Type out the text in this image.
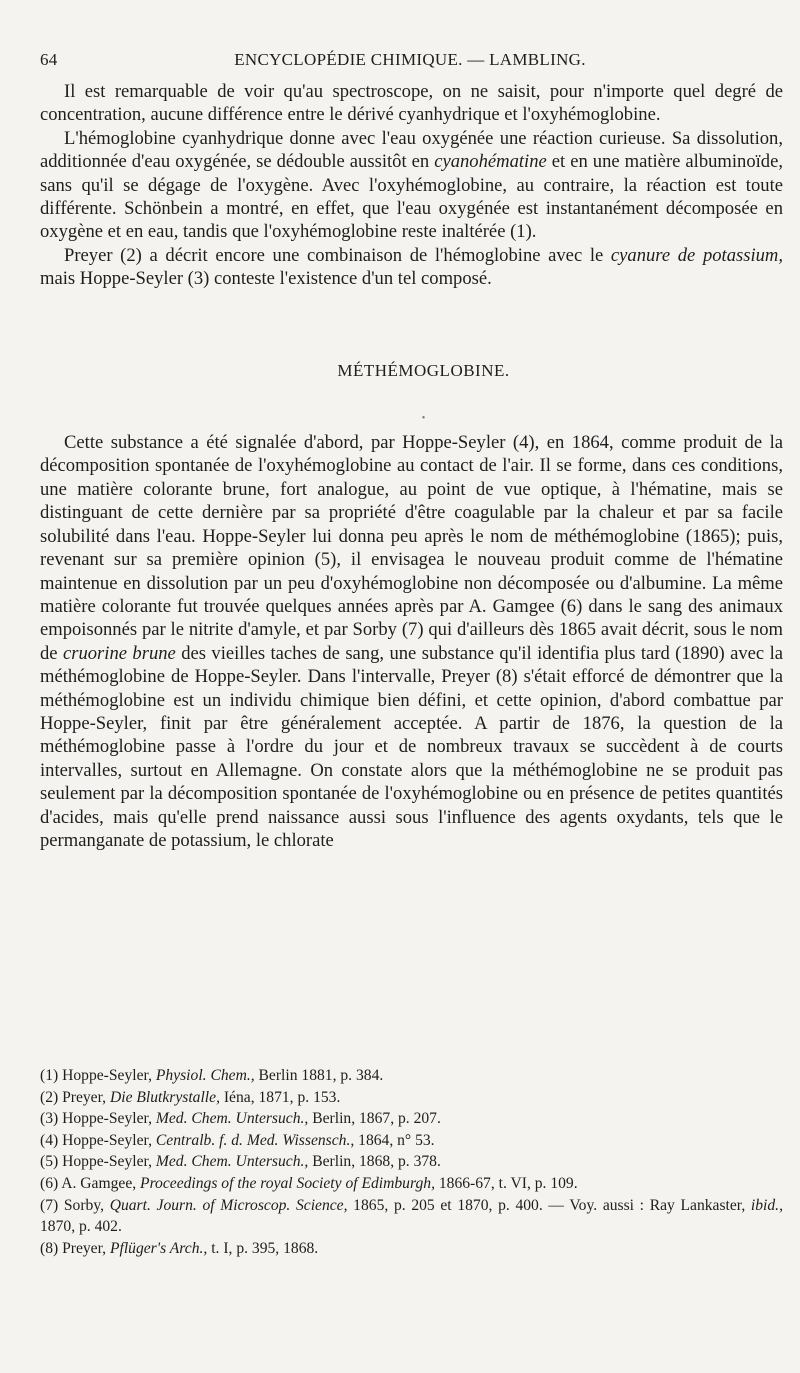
64	ENCYCLOPÉDIE CHIMIQUE. — LAMBLING.

Il est remarquable de voir qu'au spectroscope, on ne saisit, pour n'importe quel degré de concentration, aucune différence entre le dérivé cyanhydrique et l'oxyhémoglobine.

L'hémoglobine cyanhydrique donne avec l'eau oxygénée une réaction curieuse. Sa dissolution, additionnée d'eau oxygénée, se dédouble aussitôt en cyanohématine et en une matière albuminoïde, sans qu'il se dégage de l'oxygène. Avec l'oxyhémoglobine, au contraire, la réaction est toute différente. Schönbein a montré, en effet, que l'eau oxygénée est instantanément décomposée en oxygène et en eau, tandis que l'oxyhémoglobine reste inaltérée (1).

Preyer (2) a décrit encore une combinaison de l'hémoglobine avec le cyanure de potassium, mais Hoppe-Seyler (3) conteste l'existence d'un tel composé.

MÉTHÉMOGLOBINE.

•

Cette substance a été signalée d'abord, par Hoppe-Seyler (4), en 1864, comme produit de la décomposition spontanée de l'oxyhémoglobine au contact de l'air. Il se forme, dans ces conditions, une matière colorante brune, fort analogue, au point de vue optique, à l'hématine, mais se distinguant de cette dernière par sa propriété d'être coagulable par la chaleur et par sa facile solubilité dans l'eau. Hoppe-Seyler lui donna peu après le nom de méthémoglobine (1865); puis, revenant sur sa première opinion (5), il envisagea le nouveau produit comme de l'hématine maintenue en dissolution par un peu d'oxyhémoglobine non décomposée ou d'albumine. La même matière colorante fut trouvée quelques années après par A. Gamgee (6) dans le sang des animaux empoisonnés par le nitrite d'amyle, et par Sorby (7) qui d'ailleurs dès 1865 avait décrit, sous le nom de cruorine brune des vieilles taches de sang, une substance qu'il identifia plus tard (1890) avec la méthémoglobine de Hoppe-Seyler. Dans l'intervalle, Preyer (8) s'était efforcé de démontrer que la méthémoglobine est un individu chimique bien défini, et cette opinion, d'abord combattue par Hoppe-Seyler, finit par être généralement acceptée. A partir de 1876, la question de la méthémoglobine passe à l'ordre du jour et de nombreux travaux se succèdent à de courts intervalles, surtout en Allemagne. On constate alors que la méthémoglobine ne se produit pas seulement par la décomposition spontanée de l'oxyhémoglobine ou en présence de petites quantités d'acides, mais qu'elle prend naissance aussi sous l'influence des agents oxydants, tels que le permanganate de potassium, le chlorate

(1) Hoppe-Seyler, Physiol. Chem., Berlin 1881, p. 384.

(2) Preyer, Die Blutkrystalle, Iéna, 1871, p. 153.

(3) Hoppe-Seyler, Med. Chem. Untersuch., Berlin, 1867, p. 207.

(4) Hoppe-Seyler, Centralb. f. d. Med. Wissensch., 1864, n° 53.

(5) Hoppe-Seyler, Med. Chem. Untersuch., Berlin, 1868, p. 378.

(6) A. Gamgee, Proceedings of the royal Society of Edimburgh, 1866-67, t. VI, p. 109.

(7) Sorby, Quart. Journ. of Microscop. Science, 1865, p. 205 et 1870, p. 400. — Voy. aussi : Ray Lankaster, ibid., 1870, p. 402.

(8) Preyer, Pflüger's Arch., t. I, p. 395, 1868.
